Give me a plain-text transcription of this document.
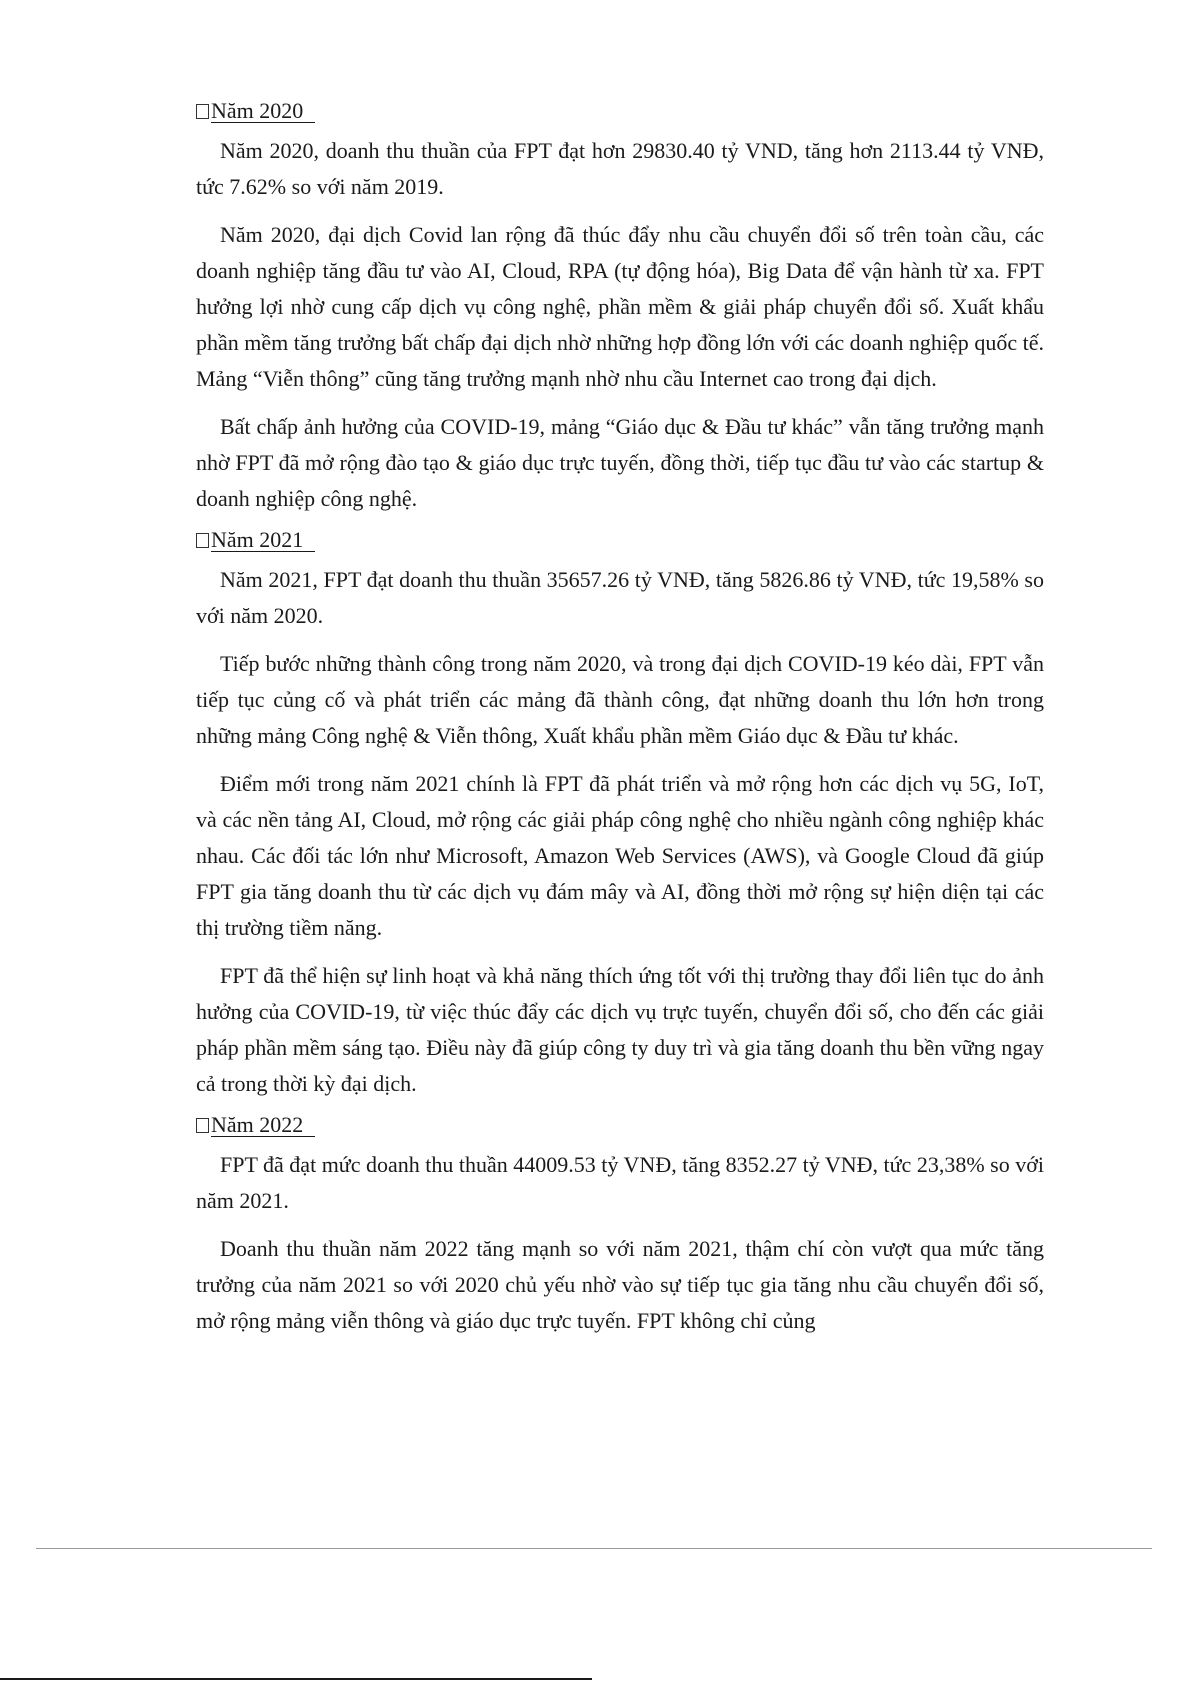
Năm 2020

Năm 2020, doanh thu thuần của FPT đạt hơn 29830.40 tỷ VND, tăng hơn 2113.44 tỷ VNĐ, tức 7.62% so với năm 2019.

Năm 2020, đại dịch Covid lan rộng đã thúc đẩy nhu cầu chuyển đổi số trên toàn cầu, các doanh nghiệp tăng đầu tư vào AI, Cloud, RPA (tự động hóa), Big Data để vận hành từ xa. FPT hưởng lợi nhờ cung cấp dịch vụ công nghệ, phần mềm & giải pháp chuyển đổi số. Xuất khẩu phần mềm tăng trưởng bất chấp đại dịch nhờ những hợp đồng lớn với các doanh nghiệp quốc tế. Mảng “Viễn thông” cũng tăng trưởng mạnh nhờ nhu cầu Internet cao trong đại dịch.

Bất chấp ảnh hưởng của COVID-19, mảng “Giáo dục & Đầu tư khác” vẫn tăng trưởng mạnh nhờ FPT đã mở rộng đào tạo & giáo dục trực tuyến, đồng thời, tiếp tục đầu tư vào các startup & doanh nghiệp công nghệ.

Năm 2021

Năm 2021, FPT đạt doanh thu thuần 35657.26 tỷ VNĐ, tăng 5826.86 tỷ VNĐ, tức 19,58% so với năm 2020.

Tiếp bước những thành công trong năm 2020, và trong đại dịch COVID-19 kéo dài, FPT vẫn tiếp tục củng cố và phát triển các mảng đã thành công, đạt những doanh thu lớn hơn trong những mảng Công nghệ & Viễn thông, Xuất khẩu phần mềm Giáo dục & Đầu tư khác.

Điểm mới trong năm 2021 chính là FPT đã phát triển và mở rộng hơn các dịch vụ 5G, IoT, và các nền tảng AI, Cloud, mở rộng các giải pháp công nghệ cho nhiều ngành công nghiệp khác nhau. Các đối tác lớn như Microsoft, Amazon Web Services (AWS), và Google Cloud đã giúp FPT gia tăng doanh thu từ các dịch vụ đám mây và AI, đồng thời mở rộng sự hiện diện tại các thị trường tiềm năng.

FPT đã thể hiện sự linh hoạt và khả năng thích ứng tốt với thị trường thay đổi liên tục do ảnh hưởng của COVID-19, từ việc thúc đẩy các dịch vụ trực tuyến, chuyển đổi số, cho đến các giải pháp phần mềm sáng tạo. Điều này đã giúp công ty duy trì và gia tăng doanh thu bền vững ngay cả trong thời kỳ đại dịch.

Năm 2022

FPT đã đạt mức doanh thu thuần 44009.53 tỷ VNĐ, tăng 8352.27 tỷ VNĐ, tức 23,38% so với năm 2021.

Doanh thu thuần năm 2022 tăng mạnh so với năm 2021, thậm chí còn vượt qua mức tăng trưởng của năm 2021 so với 2020 chủ yếu nhờ vào sự tiếp tục gia tăng nhu cầu chuyển đổi số, mở rộng mảng viễn thông và giáo dục trực tuyến. FPT không chỉ củng
